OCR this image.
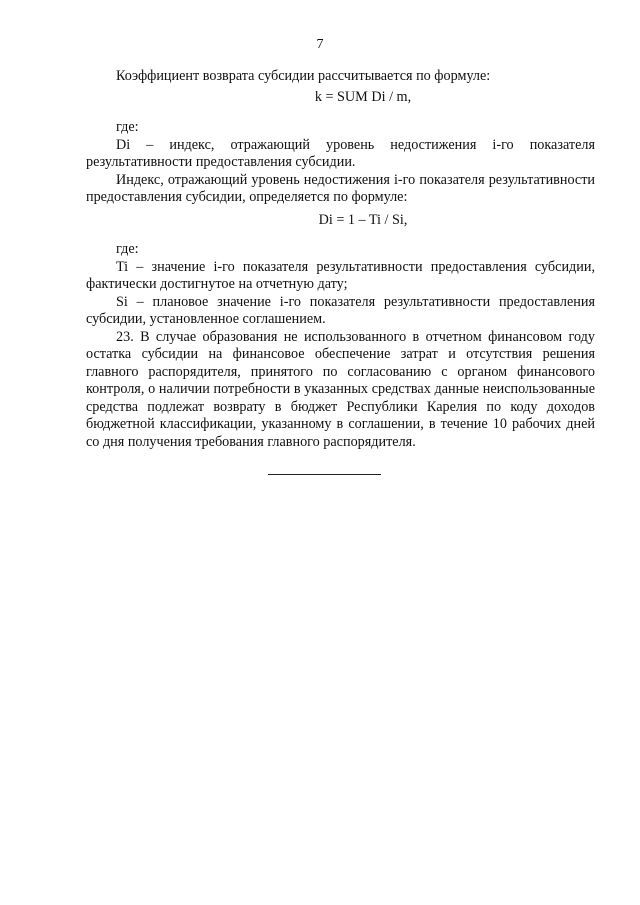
7

Коэффициент возврата субсидии рассчитывается по формуле:

k = SUM Di / m,

где:

Di – индекс, отражающий уровень недостижения i-го показателя результативности предоставления субсидии.

Индекс, отражающий уровень недостижения i-го показателя результативности предоставления субсидии, определяется по формуле:

Di = 1 – Ti / Si,

где:

Ti – значение i-го показателя результативности предоставления субсидии, фактически достигнутое на отчетную дату;

Si – плановое значение i-го показателя результативности предоставления субсидии, установленное соглашением.

23. В случае образования не использованного в отчетном финансовом году остатка субсидии на финансовое обеспечение затрат и отсутствия решения главного распорядителя, принятого по согласованию с органом финансового контроля, о наличии потребности в указанных средствах данные неиспользованные средства подлежат возврату в бюджет Республики Карелия по коду доходов бюджетной классификации, указанному в соглашении, в течение 10 рабочих дней со дня получения требования главного распорядителя.
